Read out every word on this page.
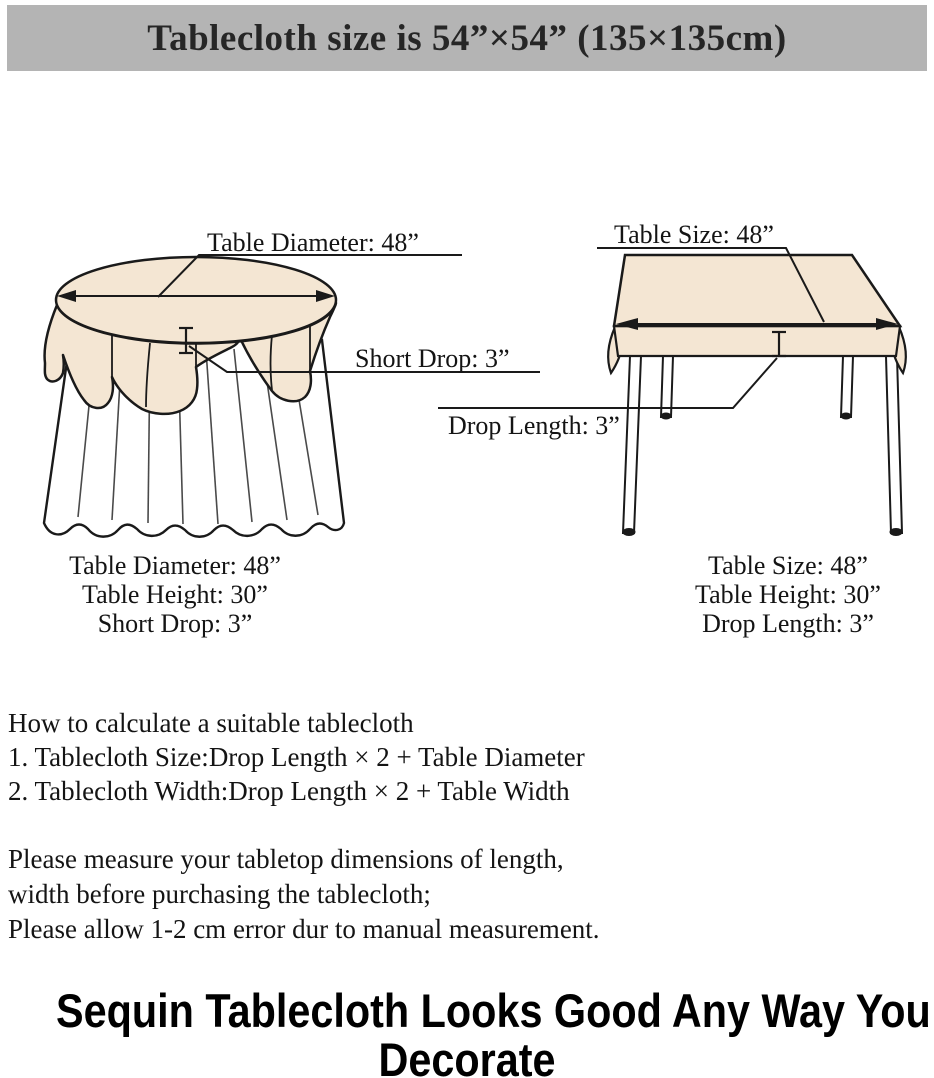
Tablecloth size is 54”×54” (135×135cm)
Table Diameter: 48”
Short Drop: 3”
Table Size: 48”
Drop Length: 3”
Table Diameter: 48”
Table Height: 30”
Short Drop: 3”
Table Size: 48”
Table Height: 30”
Drop Length: 3”
How to calculate a suitable tablecloth
1. Tablecloth Size:Drop Length × 2 + Table Diameter
2. Tablecloth Width:Drop Length × 2 + Table Width
Please measure your tabletop dimensions of length,
width before purchasing the tablecloth;
Please allow 1-2 cm error dur to manual measurement.
Sequin Tablecloth Looks Good Any Way You
Decorate
